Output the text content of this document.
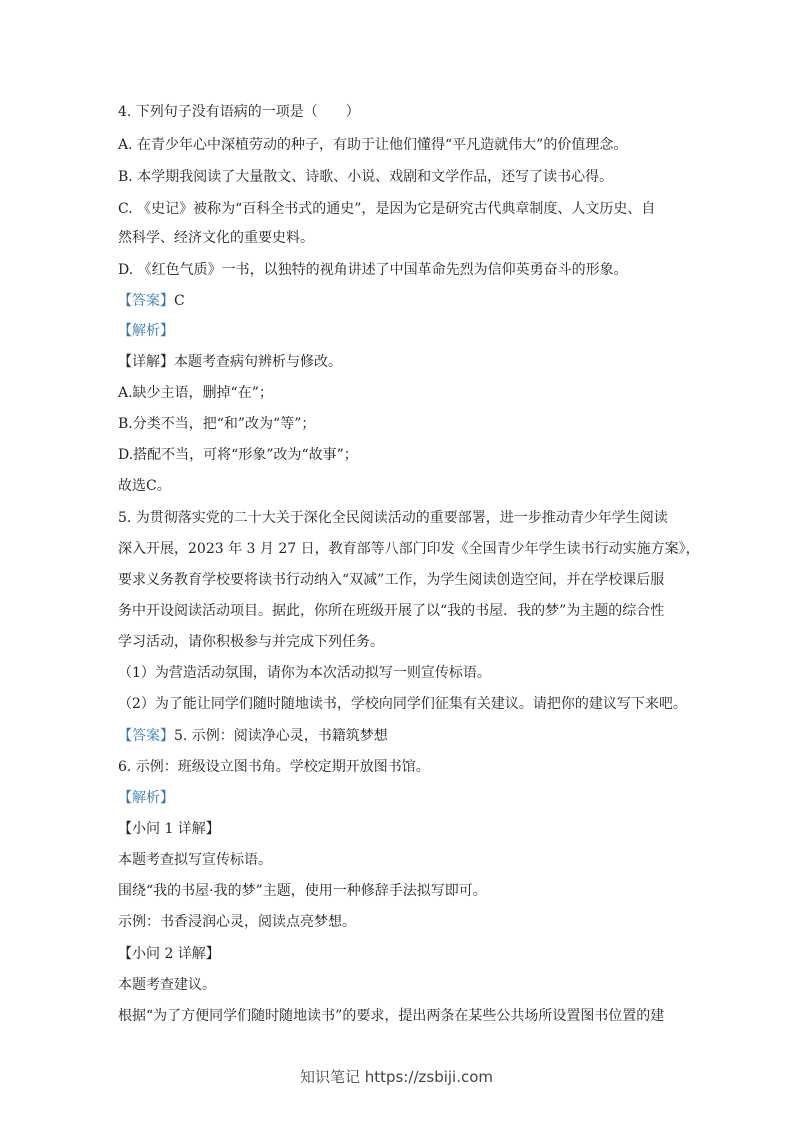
4. 下列句子没有语病的一项是（　　）
A. 在青少年心中深植劳动的种子，有助于让他们懂得“平凡造就伟大”的价值理念。
B. 本学期我阅读了大量散文、诗歌、小说、戏剧和文学作品，还写了读书心得。
C. 《史记》被称为“百科全书式的通史”，是因为它是研究古代典章制度、人文历史、自
然科学、经济文化的重要史料。
D. 《红色气质》一书，以独特的视角讲述了中国革命先烈为信仰英勇奋斗的形象。
【答案】C
【解析】
【详解】本题考查病句辨析与修改。
A.缺少主语，删掉“在”；
B.分类不当，把“和”改为“等”；
D.搭配不当，可将“形象”改为“故事”；
故选C。
5. 为贯彻落实党的二十大关于深化全民阅读活动的重要部署，进一步推动青少年学生阅读
深入开展，2023 年 3 月 27 日，教育部等八部门印发《全国青少年学生读书行动实施方案》，
要求义务教育学校要将读书行动纳入“双减”工作，为学生阅读创造空间，并在学校课后服
务中开设阅读活动项目。据此，你所在班级开展了以“我的书屋．我的梦”为主题的综合性
学习活动，请你积极参与并完成下列任务。
（1）为营造活动氛围，请你为本次活动拟写一则宣传标语。
（2）为了能让同学们随时随地读书，学校向同学们征集有关建议。请把你的建议写下来吧。
【答案】5. 示例：阅读净心灵，书籍筑梦想
6. 示例：班级设立图书角。学校定期开放图书馆。
【解析】
【小问 1 详解】
本题考查拟写宣传标语。
围绕“我的书屋·我的梦”主题，使用一种修辞手法拟写即可。
示例：书香浸润心灵，阅读点亮梦想。
【小问 2 详解】
本题考查建议。
根据“为了方便同学们随时随地读书”的要求，提出两条在某些公共场所设置图书位置的建
知识笔记 https://zsbiji.com
